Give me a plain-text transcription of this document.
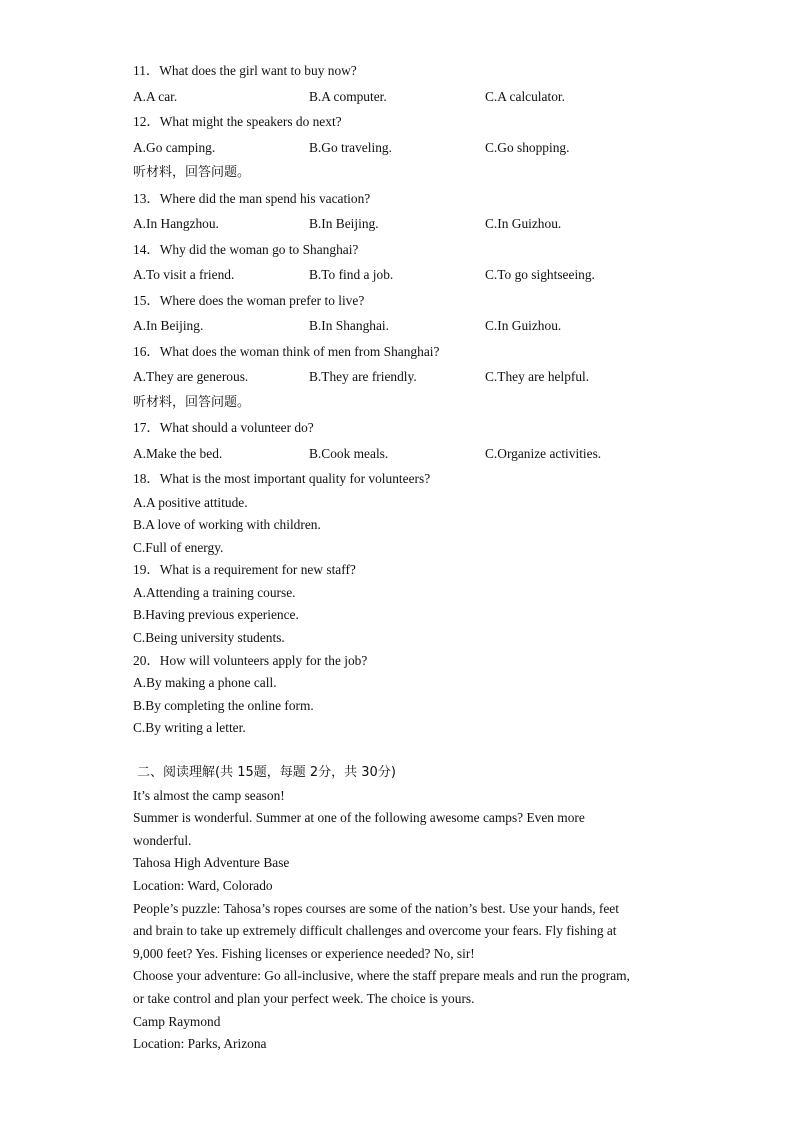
11．What does the girl want to buy now?
A.A car.	B.A computer.	C.A calculator.
12．What might the speakers do next?
A.Go camping.	B.Go traveling.	C.Go shopping.
听材料，回答问题。
13．Where did the man spend his vacation?
A.In Hangzhou.	B.In Beijing.	C.In Guizhou.
14．Why did the woman go to Shanghai?
A.To visit a friend.	B.To find a job.	C.To go sightseeing.
15．Where does the woman prefer to live?
A.In Beijing.	B.In Shanghai.	C.In Guizhou.
16．What does the woman think of men from Shanghai?
A.They are generous.	B.They are friendly.	C.They are helpful.
听材料，回答问题。
17．What should a volunteer do?
A.Make the bed.	B.Cook meals.	C.Organize activities.
18．What is the most important quality for volunteers?
A.A positive attitude.
B.A love of working with children.
C.Full of energy.
19．What is a requirement for new staff?
A.Attending a training course.
B.Having previous experience.
C.Being university students.
20．How will volunteers apply for the job?
A.By making a phone call.
B.By completing the online form.
C.By writing a letter.
二、阅读理解(共 15题，每题 2分，共 30分)
It’s almost the camp season!
Summer is wonderful. Summer at one of the following awesome camps? Even more
wonderful.
Tahosa High Adventure Base
Location: Ward, Colorado
People’s puzzle: Tahosa’s ropes courses are some of the nation’s best. Use your hands, feet
and brain to take up extremely difficult challenges and overcome your fears. Fly fishing at
9,000 feet? Yes. Fishing licenses or experience needed? No, sir!
Choose your adventure: Go all-inclusive, where the staff prepare meals and run the program,
or take control and plan your perfect week. The choice is yours.
Camp Raymond
Location: Parks, Arizona
